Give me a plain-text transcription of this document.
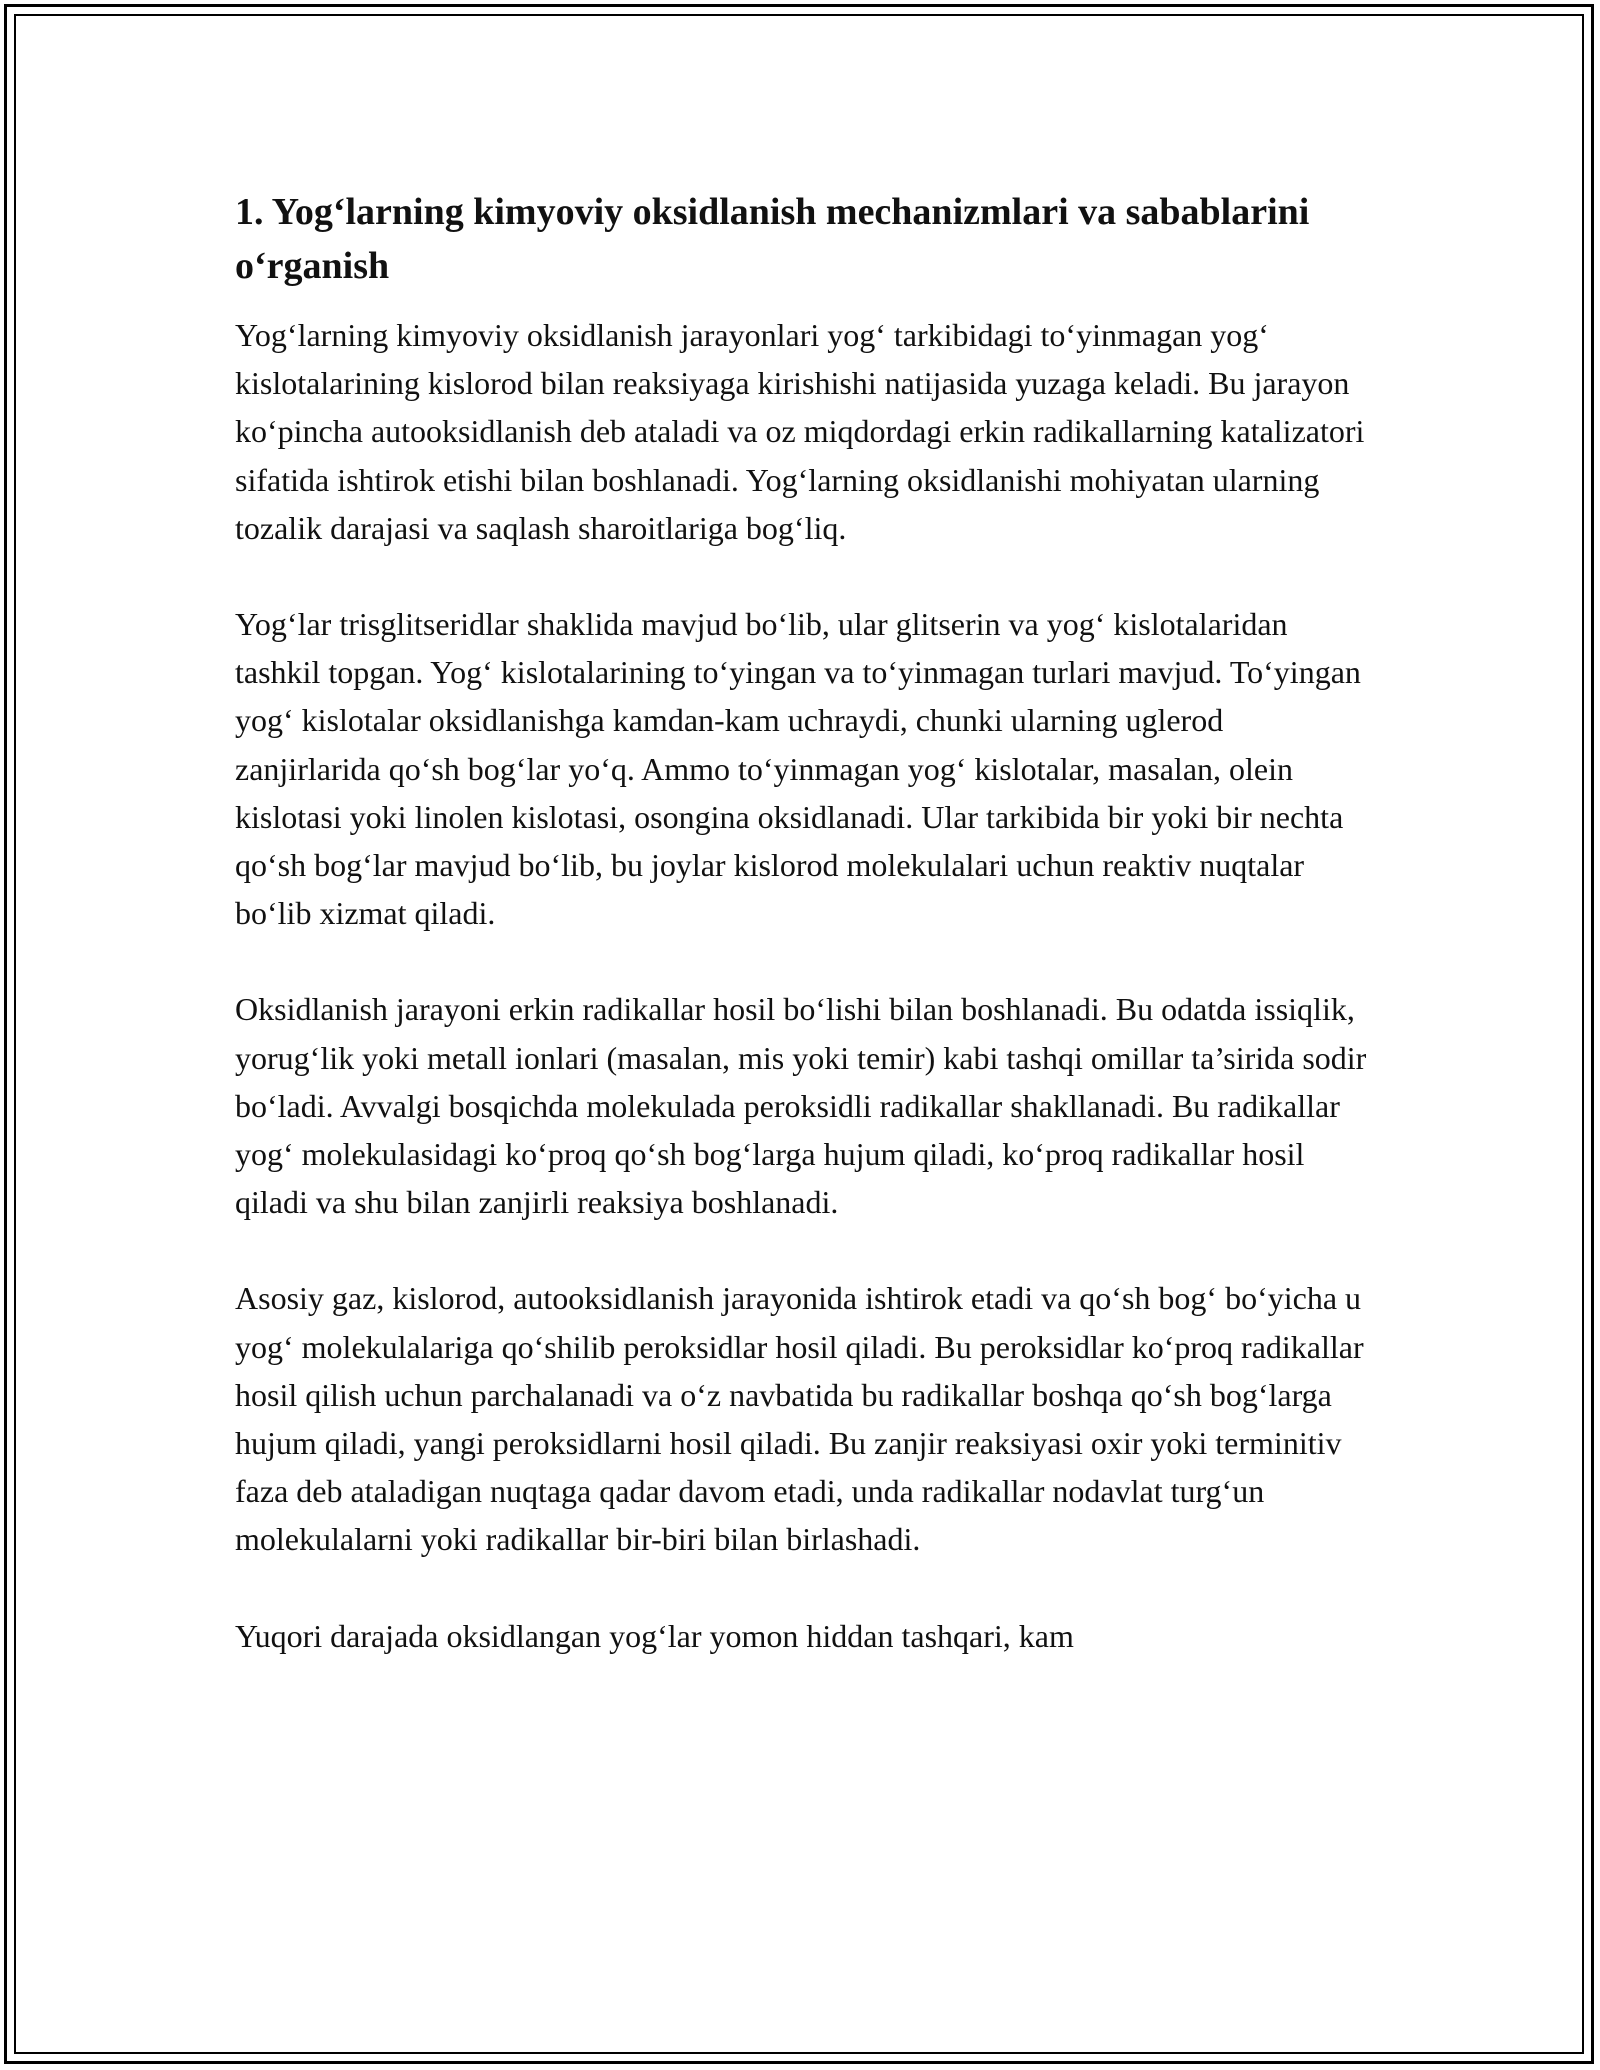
1. Yog‘larning kimyoviy oksidlanish mechanizmlari va sabablarini o‘rganish

Yog‘larning kimyoviy oksidlanish jarayonlari yog‘ tarkibidagi to‘yinmagan yog‘ kislotalarining kislorod bilan reaksiyaga kirishishi natijasida yuzaga keladi. Bu jarayon ko‘pincha autooksidlanish deb ataladi va oz miqdordagi erkin radikallarning katalizatori sifatida ishtirok etishi bilan boshlanadi. Yog‘larning oksidlanishi mohiyatan ularning tozalik darajasi va saqlash sharoitlariga bog‘liq.

Yog‘lar trisglitseridlar shaklida mavjud bo‘lib, ular glitserin va yog‘ kislotalaridan tashkil topgan. Yog‘ kislotalarining to‘yingan va to‘yinmagan turlari mavjud. To‘yingan yog‘ kislotalar oksidlanishga kamdan-kam uchraydi, chunki ularning uglerod zanjirlarida qo‘sh bog‘lar yo‘q. Ammo to‘yinmagan yog‘ kislotalar, masalan, olein kislotasi yoki linolen kislotasi, osongina oksidlanadi. Ular tarkibida bir yoki bir nechta qo‘sh bog‘lar mavjud bo‘lib, bu joylar kislorod molekulalari uchun reaktiv nuqtalar bo‘lib xizmat qiladi.

Oksidlanish jarayoni erkin radikallar hosil bo‘lishi bilan boshlanadi. Bu odatda issiqlik, yorug‘lik yoki metall ionlari (masalan, mis yoki temir) kabi tashqi omillar ta’sirida sodir bo‘ladi. Avvalgi bosqichda molekulada peroksidli radikallar shakllanadi. Bu radikallar yog‘ molekulasidagi ko‘proq qo‘sh bog‘larga hujum qiladi, ko‘proq radikallar hosil qiladi va shu bilan zanjirli reaksiya boshlanadi.

Asosiy gaz, kislorod, autooksidlanish jarayonida ishtirok etadi va qo‘sh bog‘ bo‘yicha u yog‘ molekulalariga qo‘shilib peroksidlar hosil qiladi. Bu peroksidlar ko‘proq radikallar hosil qilish uchun parchalanadi va o‘z navbatida bu radikallar boshqa qo‘sh bog‘larga hujum qiladi, yangi peroksidlarni hosil qiladi. Bu zanjir reaksiyasi oxir yoki terminitiv faza deb ataladigan nuqtaga qadar davom etadi, unda radikallar nodavlat turg‘un molekulalarni yoki radikallar bir-biri bilan birlashadi.

Yuqori darajada oksidlangan yog‘lar yomon hiddan tashqari, kam
